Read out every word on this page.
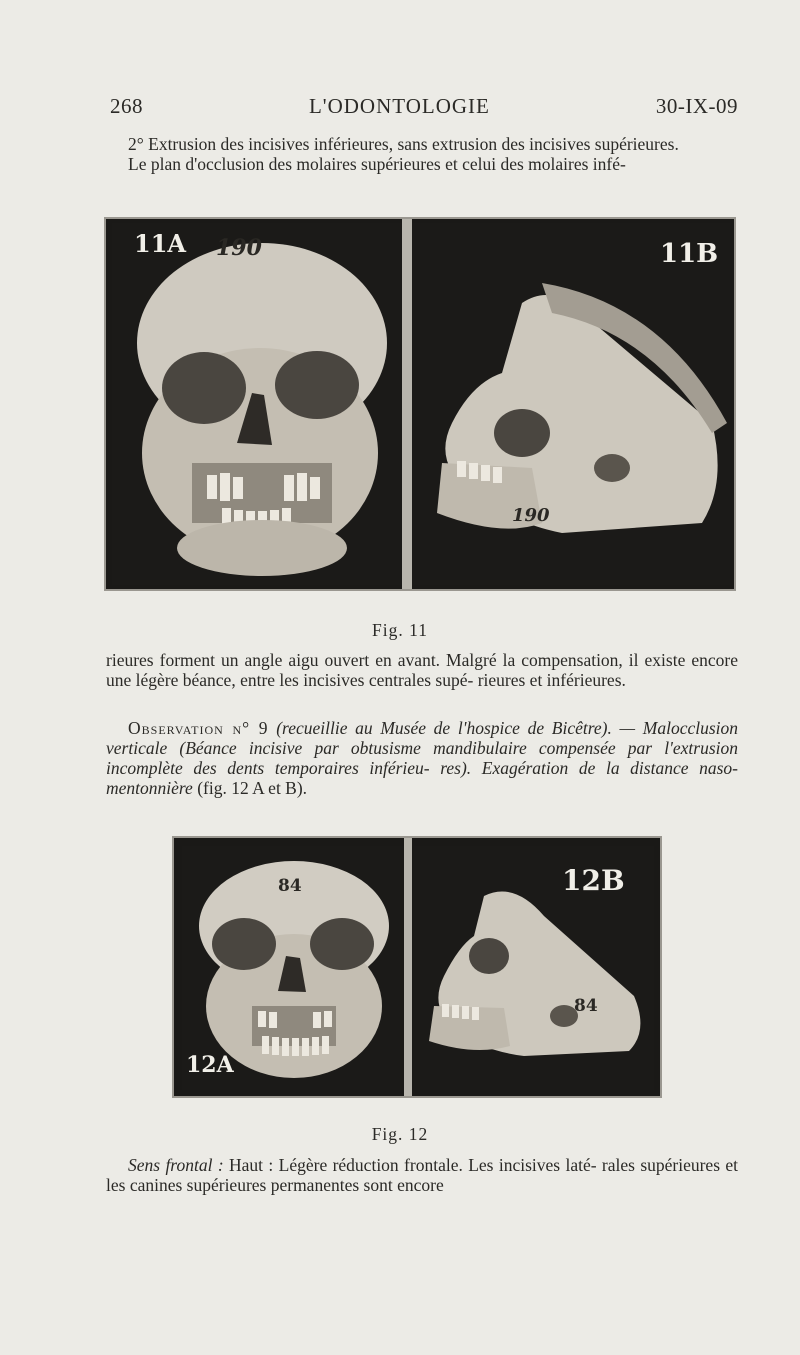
268	L'ODONTOLOGIE	30-IX-09

2° Extrusion des incisives inférieures, sans extrusion des incisives supérieures.

Le plan d'occlusion des molaires supérieures et celui des molaires infé-

11A 190	11B
190
Fig. 11

rieures forment un angle aigu ouvert en avant. Malgré la compensation, il existe encore une légère béance, entre les incisives centrales supé- rieures et inférieures.

Observation n° 9 (recueillie au Musée de l'hospice de Bicêtre). — Malocclusion verticale (Béance incisive par obtusisme mandibulaire compensée par l'extrusion incomplète des dents temporaires inférieu- res). Exagération de la distance naso-mentonnière (fig. 12 A et B).

12A
84	12B
84
Fig. 12

Sens frontal : Haut : Légère réduction frontale. Les incisives laté- rales supérieures et les canines supérieures permanentes sont encore
